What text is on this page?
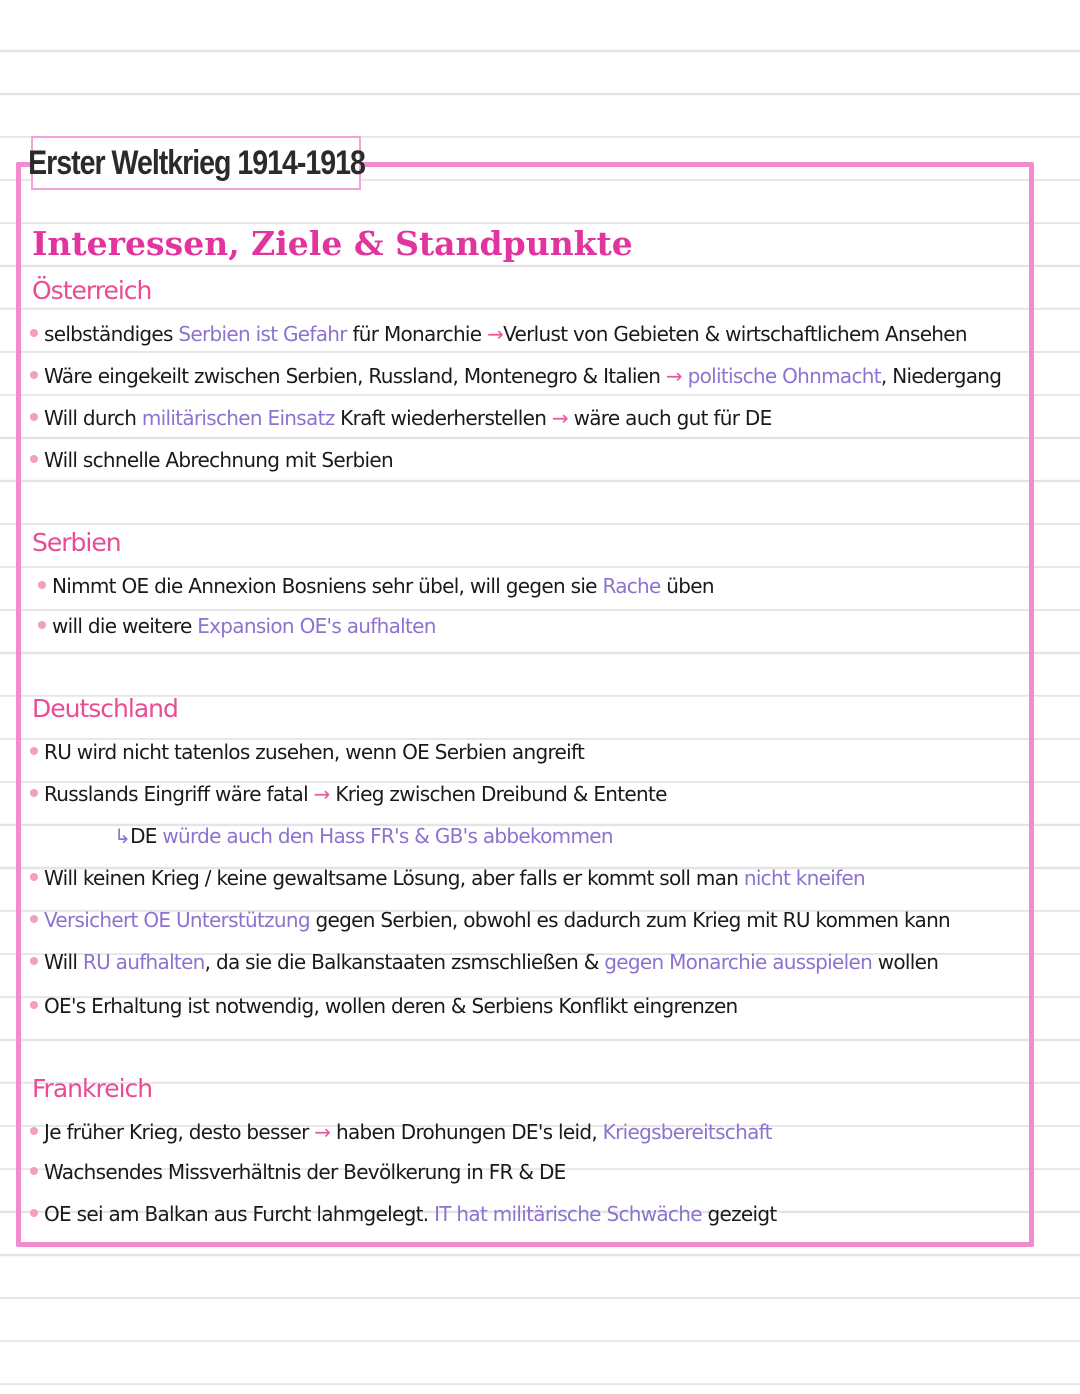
Erster Weltkrieg 1914-1918
Interessen, Ziele & Standpunkte
Österreich
selbständiges Serbien ist Gefahr für Monarchie →Verlust von Gebieten & wirtschaftlichem Ansehen
Wäre eingekeilt zwischen Serbien, Russland, Montenegro & Italien → politische Ohnmacht, Niedergang
Will durch militärischen Einsatz Kraft wiederherstellen → wäre auch gut für DE
Will schnelle Abrechnung mit Serbien
Serbien
Nimmt OE die Annexion Bosniens sehr übel, will gegen sie Rache üben
will die weitere Expansion OE's aufhalten
Deutschland
RU wird nicht tatenlos zusehen, wenn OE Serbien angreift
Russlands Eingriff wäre fatal → Krieg zwischen Dreibund & Entente
↳DE würde auch den Hass FR's & GB's abbekommen
Will keinen Krieg / keine gewaltsame Lösung, aber falls er kommt soll man nicht kneifen
Versichert OE Unterstützung gegen Serbien, obwohl es dadurch zum Krieg mit RU kommen kann
Will RU aufhalten, da sie die Balkanstaaten zsmschließen & gegen Monarchie ausspielen wollen
OE's Erhaltung ist notwendig, wollen deren & Serbiens Konflikt eingrenzen
Frankreich
Je früher Krieg, desto besser → haben Drohungen DE's leid, Kriegsbereitschaft
Wachsendes Missverhältnis der Bevölkerung in FR & DE
OE sei am Balkan aus Furcht lahmgelegt. IT hat militärische Schwäche gezeigt
